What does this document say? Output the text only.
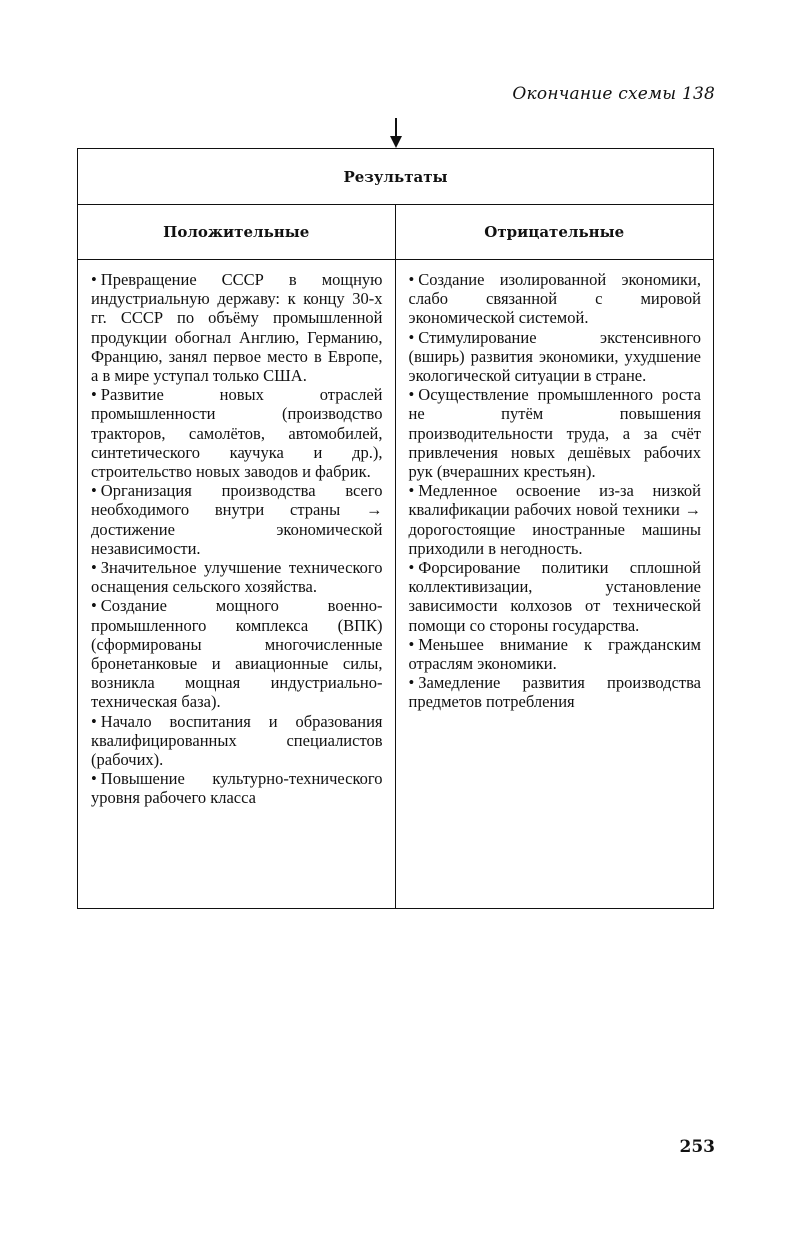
Окончание схемы 138
Результаты
Положительные

• Превращение СССР в мощную индустриальную державу: к концу 30-х гг. СССР по объёму промышленной продукции обогнал Англию, Германию, Францию, занял первое место в Европе, а в мире уступал только США.

• Развитие новых отраслей промышленности (производство тракторов, самолётов, автомобилей, синтетического каучука и др.), строительство новых заводов и фабрик.

• Организация производства всего необходимого внутри страны → достижение экономической независимости.

• Значительное улучшение технического оснащения сельского хозяйства.

• Создание мощного военно-промышленного комплекса (ВПК) (сформированы многочисленные бронетанковые и авиационные силы, возникла мощная индустриально-техническая база).

• Начало воспитания и образования квалифицированных специалистов (рабочих).

• Повышение культурно-технического уровня рабочего класса

Отрицательные

• Создание изолированной экономики, слабо связанной с мировой экономической системой.

• Стимулирование экстенсивного (вширь) развития экономики, ухудшение экологической ситуации в стране.

• Осуществление промышленного роста не путём повышения производительности труда, а за счёт привлечения новых дешёвых рабочих рук (вчерашних крестьян).

• Медленное освоение из-за низкой квалификации рабочих новой техники → дорогостоящие иностранные машины приходили в негодность.

• Форсирование политики сплошной коллективизации, установление зависимости колхозов от технической помощи со стороны государства.

• Меньшее внимание к гражданским отраслям экономики.

• Замедление развития производства предметов потребления

253
